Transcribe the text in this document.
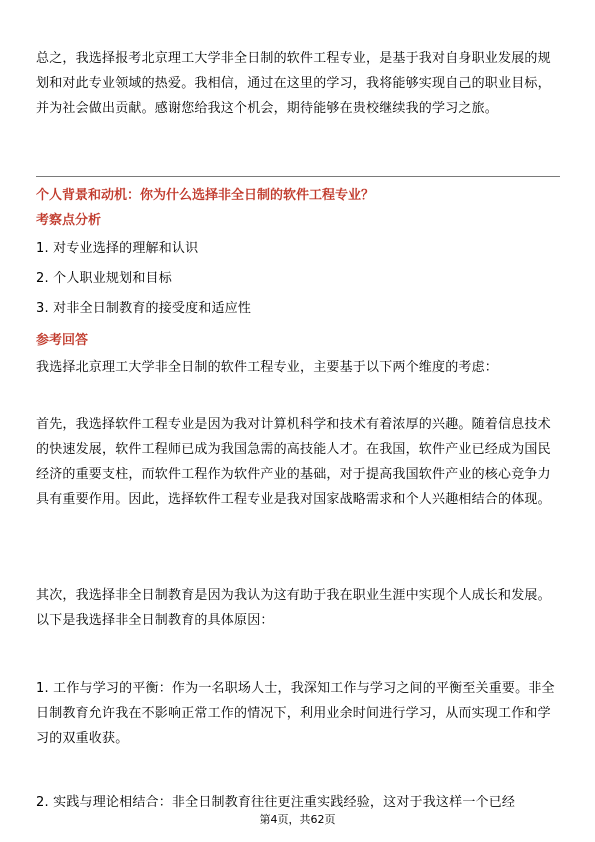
总之，我选择报考北京理工大学非全日制的软件工程专业，是基于我对自身职业发展的规划和对此专业领域的热爱。我相信，通过在这里的学习，我将能够实现自己的职业目标，并为社会做出贡献。感谢您给我这个机会，期待能够在贵校继续我的学习之旅。

个人背景和动机：你为什么选择非全日制的软件工程专业？

考察点分析

1. 对专业选择的理解和认识

2. 个人职业规划和目标

3. 对非全日制教育的接受度和适应性

参考回答

我选择北京理工大学非全日制的软件工程专业，主要基于以下两个维度的考虑：

首先，我选择软件工程专业是因为我对计算机科学和技术有着浓厚的兴趣。随着信息技术的快速发展，软件工程师已成为我国急需的高技能人才。在我国，软件产业已经成为国民经济的重要支柱，而软件工程作为软件产业的基础，对于提高我国软件产业的核心竞争力具有重要作用。因此，选择软件工程专业是我对国家战略需求和个人兴趣相结合的体现。

其次，我选择非全日制教育是因为我认为这有助于我在职业生涯中实现个人成长和发展。以下是我选择非全日制教育的具体原因：

1. 工作与学习的平衡：作为一名职场人士，我深知工作与学习之间的平衡至关重要。非全日制教育允许我在不影响正常工作的情况下，利用业余时间进行学习，从而实现工作和学习的双重收获。

2. 实践与理论相结合：非全日制教育往往更注重实践经验，这对于我这样一个已经

第4页，共62页
